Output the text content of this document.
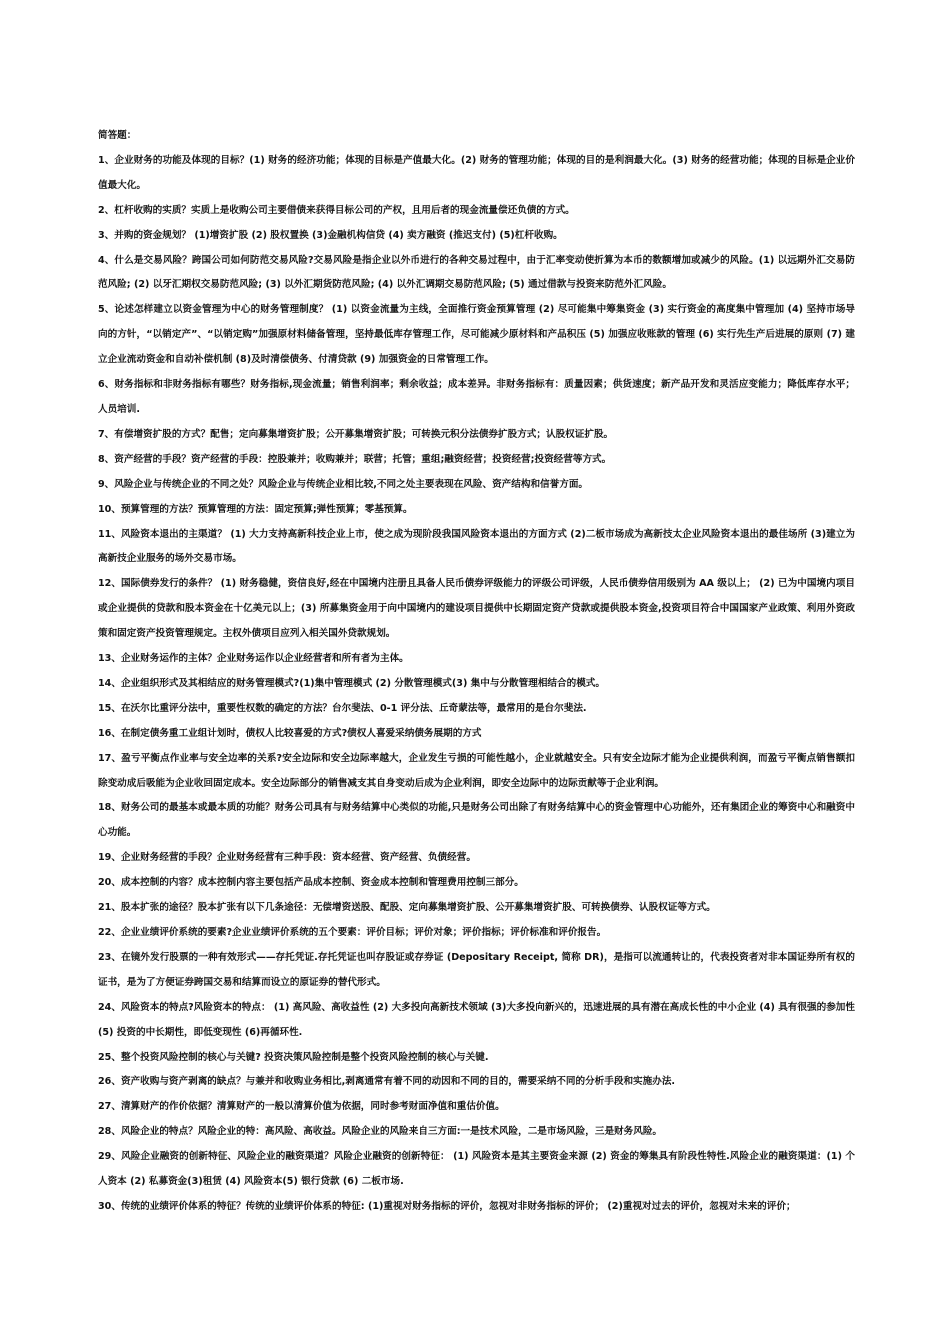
简答题：

1、企业财务的功能及体现的目标？(1) 财务的经济功能；体现的目标是产值最大化。(2) 财务的管理功能；体现的目的是利润最大化。(3) 财务的经营功能；体现的目标是企业价值最大化。

2、杠杆收购的实质？实质上是收购公司主要借债来获得目标公司的产权，且用后者的现金流量偿还负债的方式。

3、并购的资金规划？ (1)增资扩股 (2) 股权置换 (3)金融机构信贷 (4) 卖方融资 (推迟支付) (5)杠杆收购。

4、什么是交易风险？跨国公司如何防范交易风险?交易风险是指企业以外币进行的各种交易过程中，由于汇率变动使折算为本币的数额增加或减少的风险。(1) 以远期外汇交易防范风险; (2) 以牙汇期权交易防范风险; (3) 以外汇期货防范风险; (4) 以外汇调期交易防范风险; (5) 通过借款与投资来防范外汇风险。

5、论述怎样建立以资金管理为中心的财务管理制度？ (1) 以资金流量为主线，全面推行资金预算管理 (2) 尽可能集中筹集资金 (3) 实行资金的高度集中管理加 (4) 坚持市场导向的方针，“以销定产”、“以销定购”加强原材料储备管理，坚持最低库存管理工作，尽可能减少原材料和产品积压 (5) 加强应收账款的管理 (6) 实行先生产后进展的原则 (7) 建立企业流动资金和自动补偿机制 (8)及时清偿债务、付清贷款 (9) 加强资金的日常管理工作。

6、财务指标和非财务指标有哪些？财务指标,现金流量；销售利润率；剩余收益；成本差异。非财务指标有：质量因素；供货速度；新产品开发和灵活应变能力；降低库存水平；人员培训.

7、有偿增资扩股的方式？配售；定向募集增资扩股；公开募集增资扩股；可转换元积分法债券扩股方式；认股权证扩股。

8、资产经营的手段？资产经营的手段：控股兼并；收购兼并；联营；托管；重组;融资经营；投资经营;投资经营等方式。

9、风险企业与传统企业的不同之处？风险企业与传统企业相比较,不同之处主要表现在风险、资产结构和信誉方面。

10、预算管理的方法？预算管理的方法：固定预算;弹性预算；零基预算。

11、风险资本退出的主渠道？ (1) 大力支持高新科技企业上市，使之成为现阶段我国风险资本退出的方面方式 (2)二板市场成为高新技太企业风险资本退出的最佳场所 (3)建立为高新技企业服务的场外交易市场。

12、国际债券发行的条件？ (1) 财务稳健，资信良好,经在中国境内注册且具备人民币债券评级能力的评级公司评级，人民币债券信用级别为 AA 级以上； (2) 已为中国境内项目或企业提供的贷款和股本资金在十亿美元以上；(3) 所募集资金用于向中国境内的建设项目提供中长期固定资产贷款或提供股本资金,投资项目符合中国国家产业政策、利用外资政策和固定资产投资管理规定。主权外债项目应列入相关国外贷款规划。

13、企业财务运作的主体？企业财务运作以企业经营者和所有者为主体。

14、企业组织形式及其相结应的财务管理模式?(1)集中管理模式 (2) 分散管理模式(3) 集中与分散管理相结合的模式。

15、在沃尔比重评分法中，重要性权数的确定的方法？台尔斐法、0-1 评分法、丘奇蒙法等，最常用的是台尔斐法.

16、在制定债务重工业组计划时，债权人比较喜爱的方式?债权人喜爱采纳债务展期的方式

17、盈亏平衡点作业率与安全边率的关系?安全边际和安全边际率越大，企业发生亏损的可能性越小，企业就越安全。只有安全边际才能为企业提供利润，而盈亏平衡点销售额扣除变动成后吸能为企业收回固定成本。安全边际部分的销售减支其自身变动后成为企业利润，即安全边际中的边际贡献等于企业利润。

18、财务公司的最基本或最本质的功能？财务公司具有与财务结算中心类似的功能,只是财务公司出除了有财务结算中心的资金管理中心功能外，还有集团企业的筹资中心和融资中心功能。

19、企业财务经营的手段？企业财务经营有三种手段：资本经营、资产经营、负债经营。

20、成本控制的内容？成本控制内容主要包括产品成本控制、资金成本控制和管理费用控制三部分。

21、股本扩张的途径？股本扩张有以下几条途径：无偿增资送股、配股、定向募集增资扩股、公开募集增资扩股、可转换债券、认股权证等方式。

22、企业业绩评价系统的要素?企业业绩评价系统的五个要素：评价目标；评价对象；评价指标；评价标准和评价报告。

23、在镜外发行股票的一种有效形式——存托凭证.存托凭证也叫存股证或存券证 (Depositary Receipt, 简称 DR)，是指可以流通转让的，代表投资者对非本国证券所有权的证书，是为了方便证券跨国交易和结算而设立的原证券的替代形式。

24、风险资本的特点?风险资本的特点： (1) 高风险、高收益性 (2) 大多投向高新技术领域 (3)大多投向新兴的，迅速进展的具有潜在高成长性的中小企业 (4) 具有很强的参加性 (5) 投资的中长期性，即低变现性 (6)再循环性.

25、整个投资风险控制的核心与关键? 投资决策风险控制是整个投资风险控制的核心与关键.

26、资产收购与资产剥离的缺点？与兼并和收购业务相比,剥离通常有着不同的动因和不同的目的，需要采纳不同的分析手段和实施办法.

27、清算财产的作价依据？清算财产的一般以清算价值为依据，同时参考财面净值和重估价值。

28、风险企业的特点？风险企业的特：高风险、高收益。风险企业的风险来自三方面:一是技术风险，二是市场风险，三是财务风险。

29、风险企业融资的创新特征、风险企业的融资渠道？风险企业融资的创新特征： (1) 风险资本是其主要资金来源 (2) 资金的筹集具有阶段性特性.风险企业的融资渠道：(1) 个人资本 (2) 私募资金(3)租赁 (4) 风险资本(5) 银行贷款 (6) 二板市场.

30、传统的业绩评价体系的特征？传统的业绩评价体系的特征: (1)重视对财务指标的评价，忽视对非财务指标的评价； (2)重视对过去的评价，忽视对未来的评价；
